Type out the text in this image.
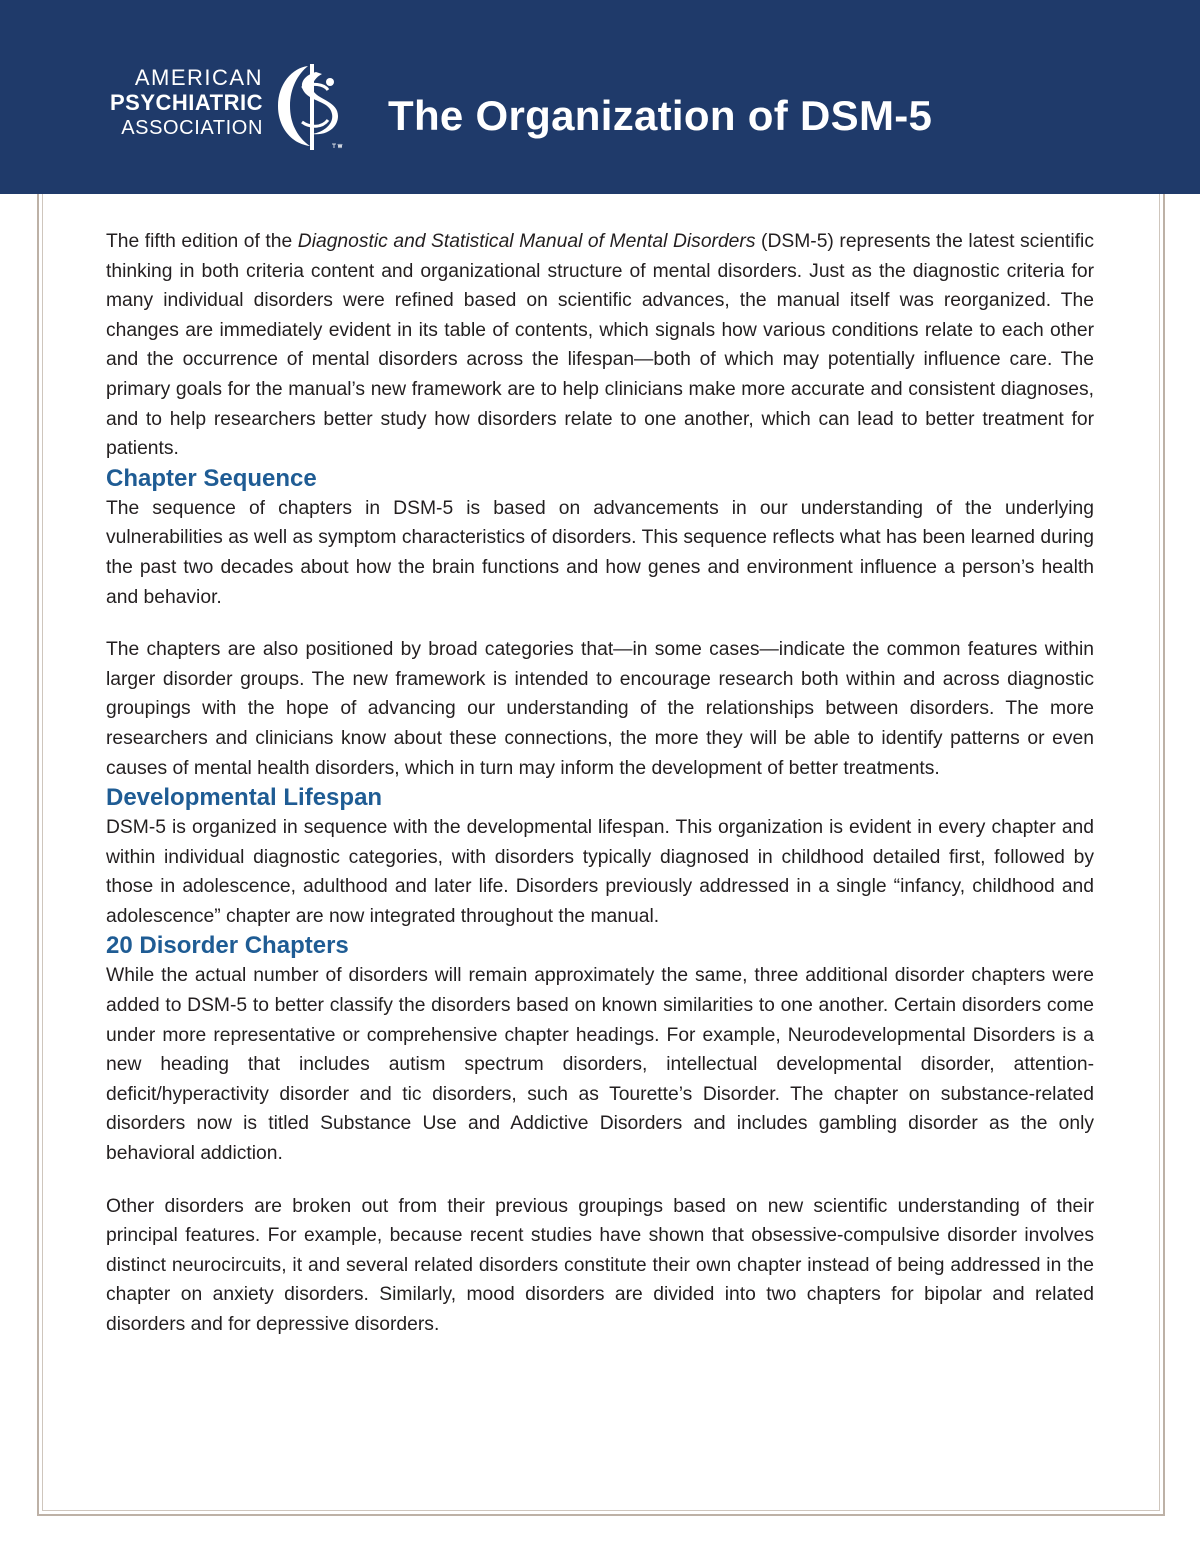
AMERICAN
PSYCHIATRIC
ASSOCIATION	The Organization of DSM-5

The fifth edition of the Diagnostic and Statistical Manual of Mental Disorders (DSM-5) represents the latest scientific thinking in both criteria content and organizational structure of mental disorders. Just as the diagnostic criteria for many individual disorders were refined based on scientific advances, the manual itself was reorganized. The changes are immediately evident in its table of contents, which signals how various conditions relate to each other and the occurrence of mental disorders across the lifespan—both of which may potentially influence care. The primary goals for the manual’s new framework are to help clinicians make more accurate and consistent diagnoses, and to help researchers better study how disorders relate to one another, which can lead to better treatment for patients.

Chapter Sequence

The sequence of chapters in DSM-5 is based on advancements in our understanding of the underlying vulnerabilities as well as symptom characteristics of disorders. This sequence reflects what has been learned during the past two decades about how the brain functions and how genes and environment influence a person’s health and behavior.

The chapters are also positioned by broad categories that—in some cases—indicate the common features within larger disorder groups. The new framework is intended to encourage research both within and across diagnostic groupings with the hope of advancing our understanding of the relationships between disorders. The more researchers and clinicians know about these connections, the more they will be able to identify patterns or even causes of mental health disorders, which in turn may inform the development of better treatments.

Developmental Lifespan

DSM-5 is organized in sequence with the developmental lifespan. This organization is evident in every chapter and within individual diagnostic categories, with disorders typically diagnosed in childhood detailed first, followed by those in adolescence, adulthood and later life. Disorders previously addressed in a single “infancy, childhood and adolescence” chapter are now integrated throughout the manual.

20 Disorder Chapters

While the actual number of disorders will remain approximately the same, three additional disorder chapters were added to DSM-5 to better classify the disorders based on known similarities to one another. Certain disorders come under more representative or comprehensive chapter headings. For example, Neurodevelopmental Disorders is a new heading that includes autism spectrum disorders, intellectual developmental disorder, attention-deficit/hyperactivity disorder and tic disorders, such as Tourette’s Disorder. The chapter on substance-related disorders now is titled Substance Use and Addictive Disorders and includes gambling disorder as the only behavioral addiction.

Other disorders are broken out from their previous groupings based on new scientific understanding of their principal features. For example, because recent studies have shown that obsessive-compulsive disorder involves distinct neurocircuits, it and several related disorders constitute their own chapter instead of being addressed in the chapter on anxiety disorders. Similarly, mood disorders are divided into two chapters for bipolar and related disorders and for depressive disorders.
